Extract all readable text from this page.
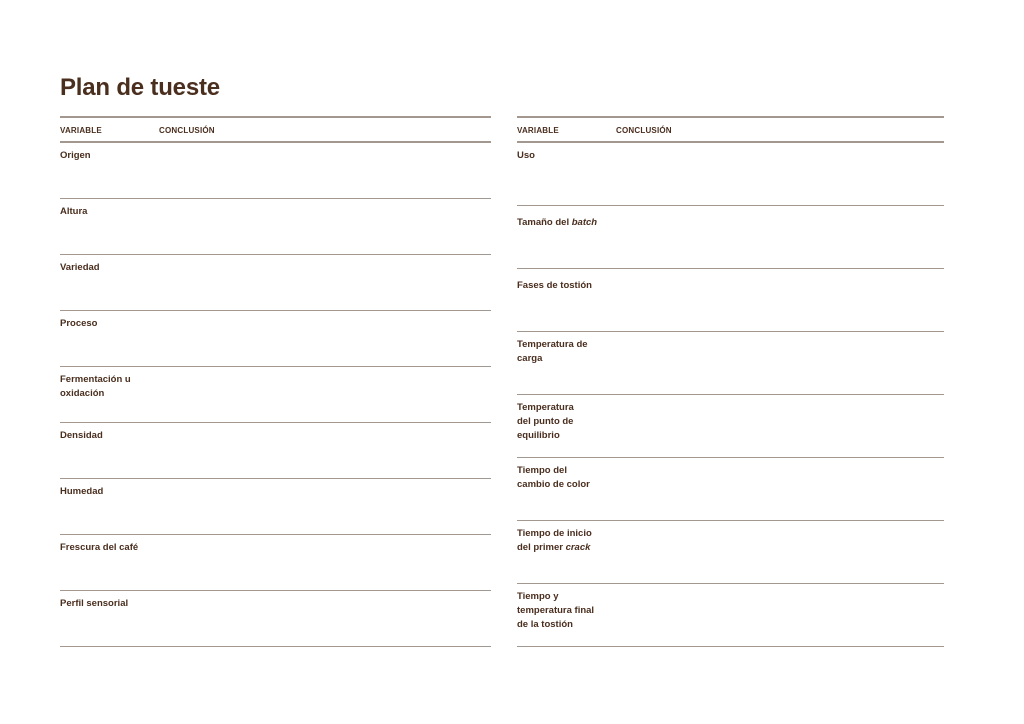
Plan de tueste
VARIABLE	CONCLUSIÓN
Origen
Altura
Variedad
Proceso
Fermentación u
oxidación
Densidad
Humedad
Frescura del café
Perfil sensorial
VARIABLE	CONCLUSIÓN
Uso
Tamaño del batch
Fases de tostión
Temperatura de
carga
Temperatura
del punto de
equilibrio
Tiempo del
cambio de color
Tiempo de inicio
del primer crack
Tiempo y
temperatura final
de la tostión
